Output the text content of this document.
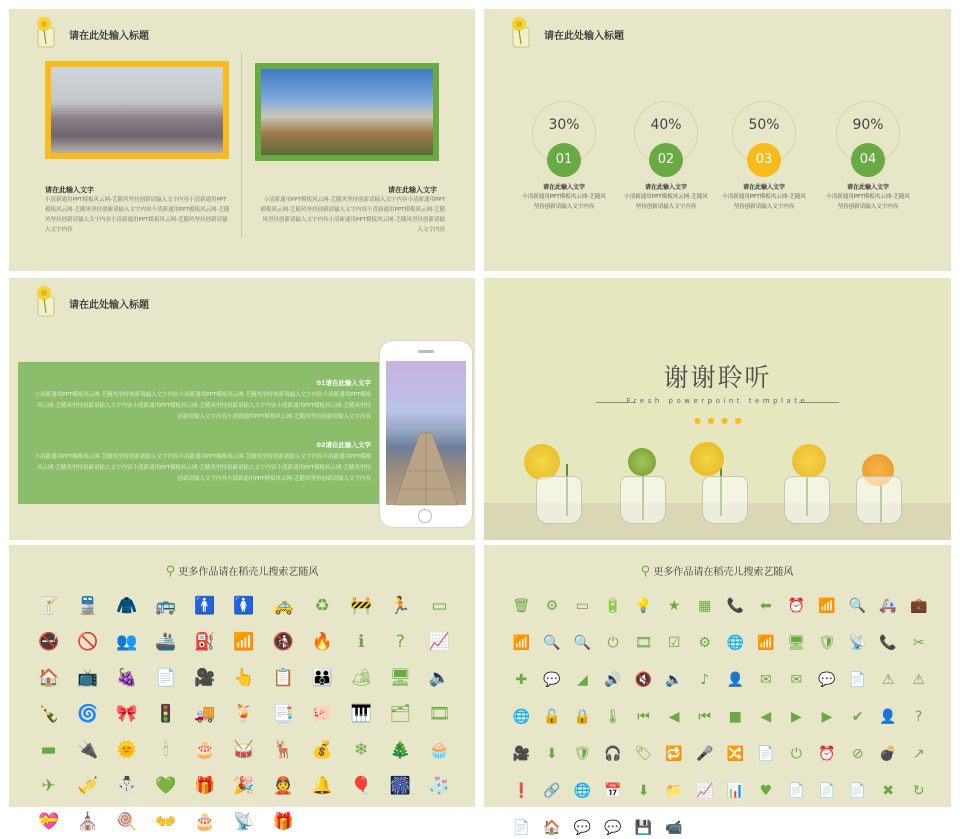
请在此处输入标题
请在此输入文字
小清新通用PPT模板风云网-艺随风坚持创新请输入文字内容小清新通用PPT模板风云网-艺随风坚持创新请输入文字内容小清新通用PPT模板风云网-艺随风坚持创新请输入文字内容小清新通用PPT模板风云网-艺随风坚持创新请输入文字内容
请在此输入文字
小清新通用PPT模板风云网-艺随风坚持创新请输入文字内容小清新通用PPT模板风云网-艺随风坚持创新请输入文字内容小清新通用PPT模板风云网-艺随风坚持创新请输入文字内容小清新通用PPT模板风云网-艺随风坚持创新请输入文字内容
请在此处输入标题
30%
01
请在此输入文字
小清新通用PPT模板风云网-艺随风坚持创新请输入文字内容
40%
02
请在此输入文字
小清新通用PPT模板风云网-艺随风坚持创新请输入文字内容
50%
03
请在此输入文字
小清新通用PPT模板风云网-艺随风坚持创新请输入文字内容
90%
04
请在此输入文字
小清新通用PPT模板风云网-艺随风坚持创新请输入文字内容
请在此处输入标题
01请在此输入文字
小清新通用PPT模板风云网-艺随风坚持创新请输入文字内容小清新通用PPT模板风云网-艺随风坚持创新请输入文字内容小清新通用PPT模板风云网-艺随风坚持创新请输入文字内容小清新通用PPT模板风云网-艺随风坚持创新请输入文字内容小清新通用PPT模板风云网-艺随风坚持创新请输入文字内容小清新通用PPT模板风云网-艺随风坚持创新请输入文字内容
02请在此输入文字
小清新通用PPT模板风云网-艺随风坚持创新请输入文字内容小清新通用PPT模板风云网-艺随风坚持创新请输入文字内容小清新通用PPT模板风云网-艺随风坚持创新请输入文字内容小清新通用PPT模板风云网-艺随风坚持创新请输入文字内容小清新通用PPT模板风云网-艺随风坚持创新请输入文字内容小清新通用PPT模板风云网-艺随风坚持创新请输入文字内容
谢谢聆听
Fresh powerpoint template
● ● ● ●
⚲ 更多作品请在稻壳儿搜索艺随风
🍸	🚆	🧥	🚌	🚹	🚺	🚕	♻	🚧	🏃	▭
🚭	🚫	👥	🚢	⛽	📶	🚯	🔥	ℹ	?	📈
🏠	📺	🍇	📄	🎥	👆	📋	👪	🏕	🖥	🔈
🍾	🌀	🎀	🚦	🚚	🍹	📑	🐖	🎹	🗂	🎞
▬	🔌	🌞	🕯	🎂	🥁	🦌	💰	❄	🎄	🧁
✈	🎺	⛄	💚	🎁	🎉	👲	🔔	🎈	🎆	🧦
💝	⛪	🍭	👐	🎂	📡	🎁
⚲ 更多作品请在稻壳儿搜索艺随风
🗑	⚙	▭	🔋 💡	★	▦	📞	⬅	⏰ 📶 🔍 🚑 💼
📶 🔍 🔍	⏻	🎞	☑	⚙	🌐 📶 🖥 🛡 📡 📞	✂
✚	💬	◢	🔊 🔇 🔈	♪	👤	✉	✉	💬 📄	⚠	⚠
🌐 🔓 🔒 🌡	⏮	◀	⏮	■	◀	▶	▶	✔	👤	?
🎥	⬇	🛡 🎧 🏷 🔁 🎤 🔀 📄	⏻	⏰	⊘	💣	↗
❗ 🔗 🌐 📅	⬇	📁 📈 📊	♥	📄 📄 📄	✖	↻
📄 🏠 💬 💬 💾 📹
